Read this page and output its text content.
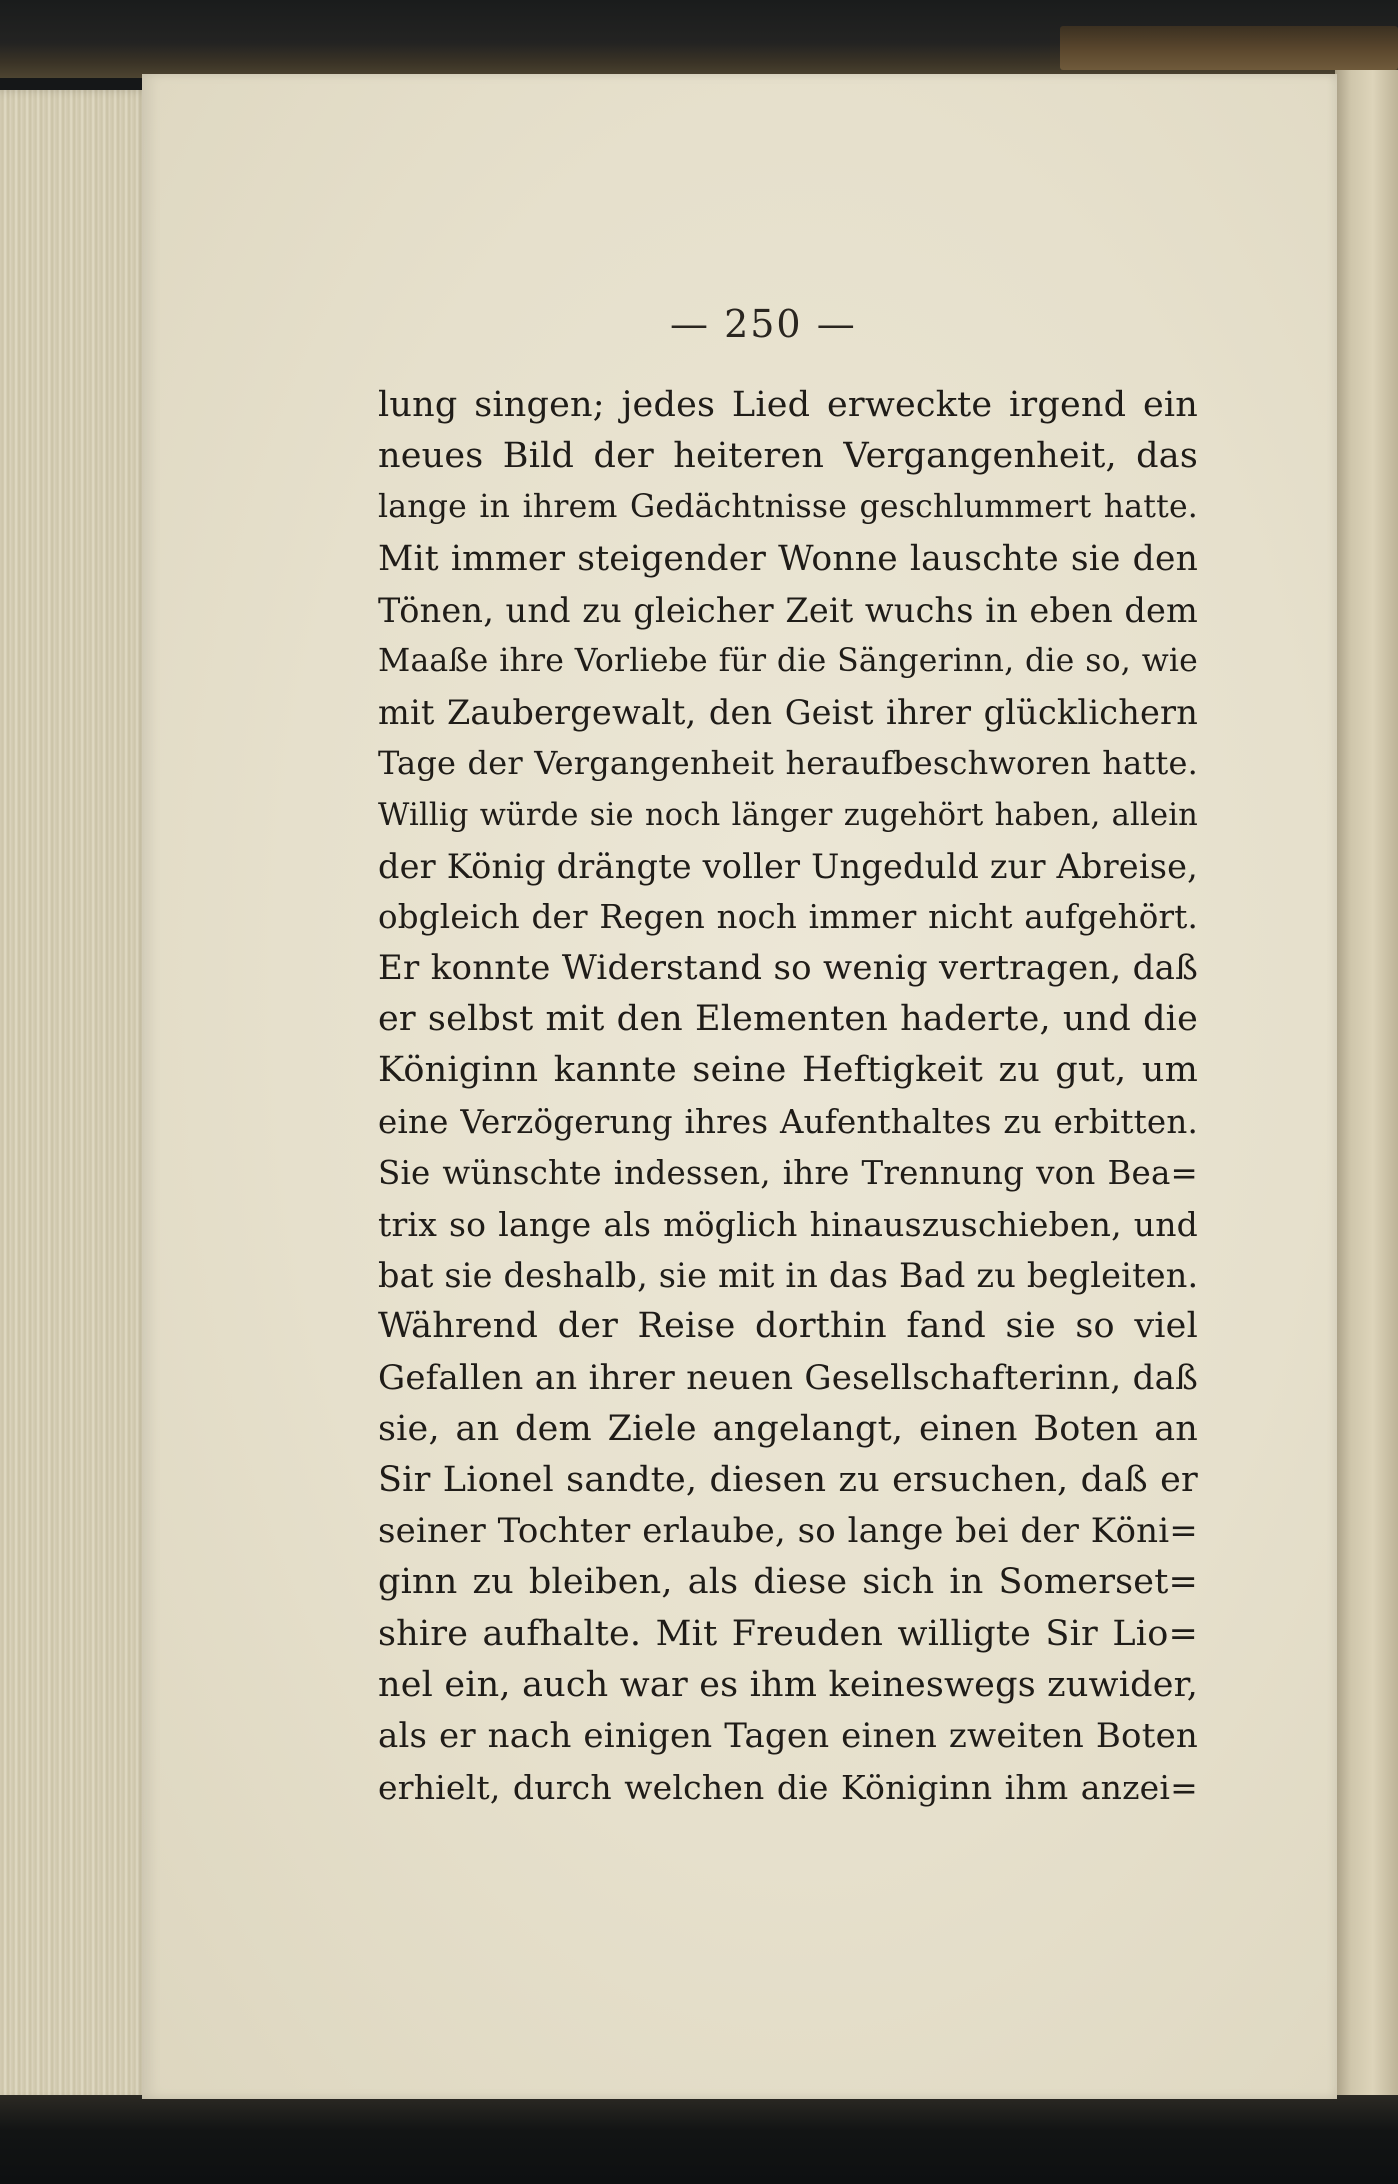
— 250 —
lung singen; jedes Lied erweckte irgend ein
neues Bild der heiteren Vergangenheit, das
lange in ihrem Gedächtnisse geschlummert hatte.
Mit immer steigender Wonne lauschte sie den
Tönen, und zu gleicher Zeit wuchs in eben dem
Maaße ihre Vorliebe für die Sängerinn, die so, wie
mit Zaubergewalt, den Geist ihrer glücklichern
Tage der Vergangenheit heraufbeschworen hatte.
Willig würde sie noch länger zugehört haben, allein
der König drängte voller Ungeduld zur Abreise,
obgleich der Regen noch immer nicht aufgehört.
Er konnte Widerstand so wenig vertragen, daß
er selbst mit den Elementen haderte, und die
Königinn kannte seine Heftigkeit zu gut, um
eine Verzögerung ihres Aufenthaltes zu erbitten.
Sie wünschte indessen, ihre Trennung von Bea=
trix so lange als möglich hinauszuschieben, und
bat sie deshalb, sie mit in das Bad zu begleiten.
Während der Reise dorthin fand sie so viel
Gefallen an ihrer neuen Gesellschafterinn, daß
sie, an dem Ziele angelangt, einen Boten an
Sir Lionel sandte, diesen zu ersuchen, daß er
seiner Tochter erlaube, so lange bei der Köni=
ginn zu bleiben, als diese sich in Somerset=
shire aufhalte. Mit Freuden willigte Sir Lio=
nel ein, auch war es ihm keineswegs zuwider,
als er nach einigen Tagen einen zweiten Boten
erhielt, durch welchen die Königinn ihm anzei=
